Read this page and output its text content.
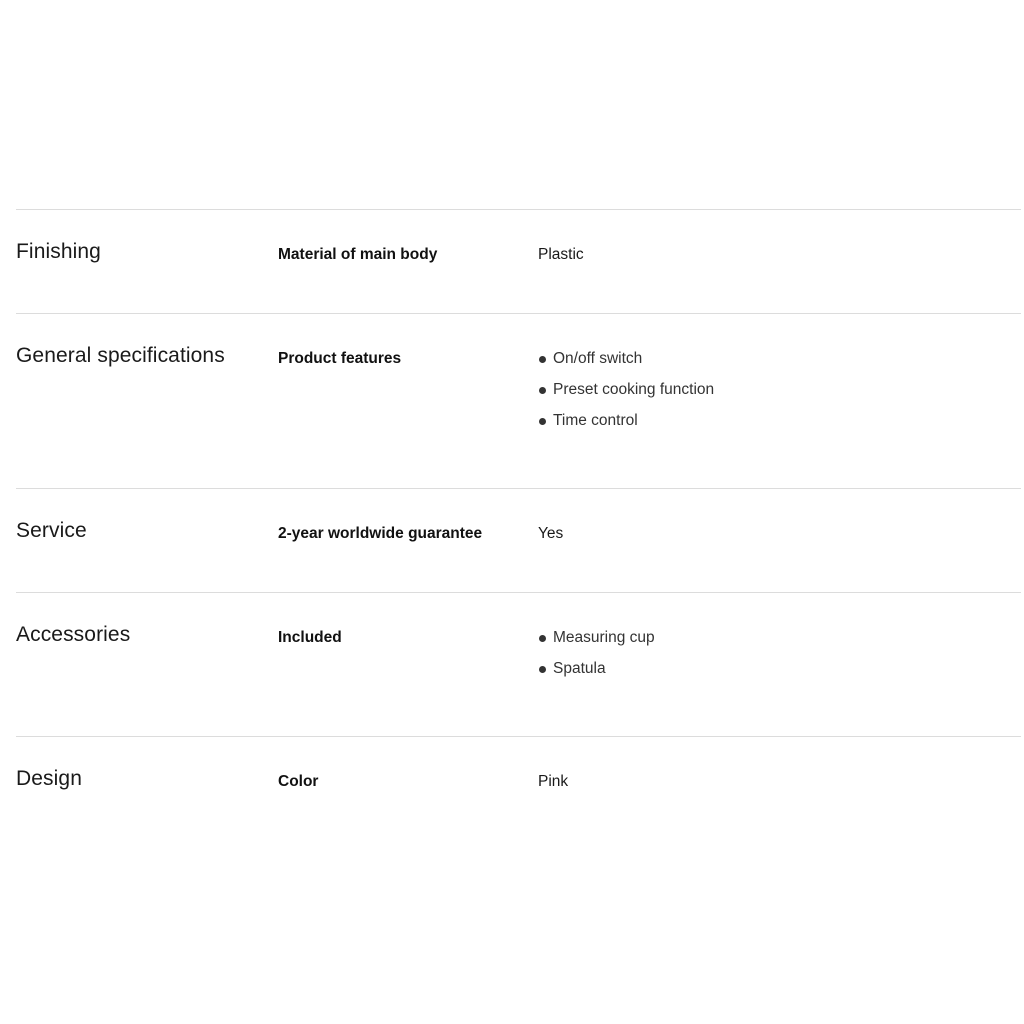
Finishing	Material of main body	Plastic
General specifications	Product features	On/off switch
Preset cooking function
Time control
Service	2-year worldwide guarantee	Yes
Accessories	Included	Measuring cup
Spatula
Design	Color	Pink
